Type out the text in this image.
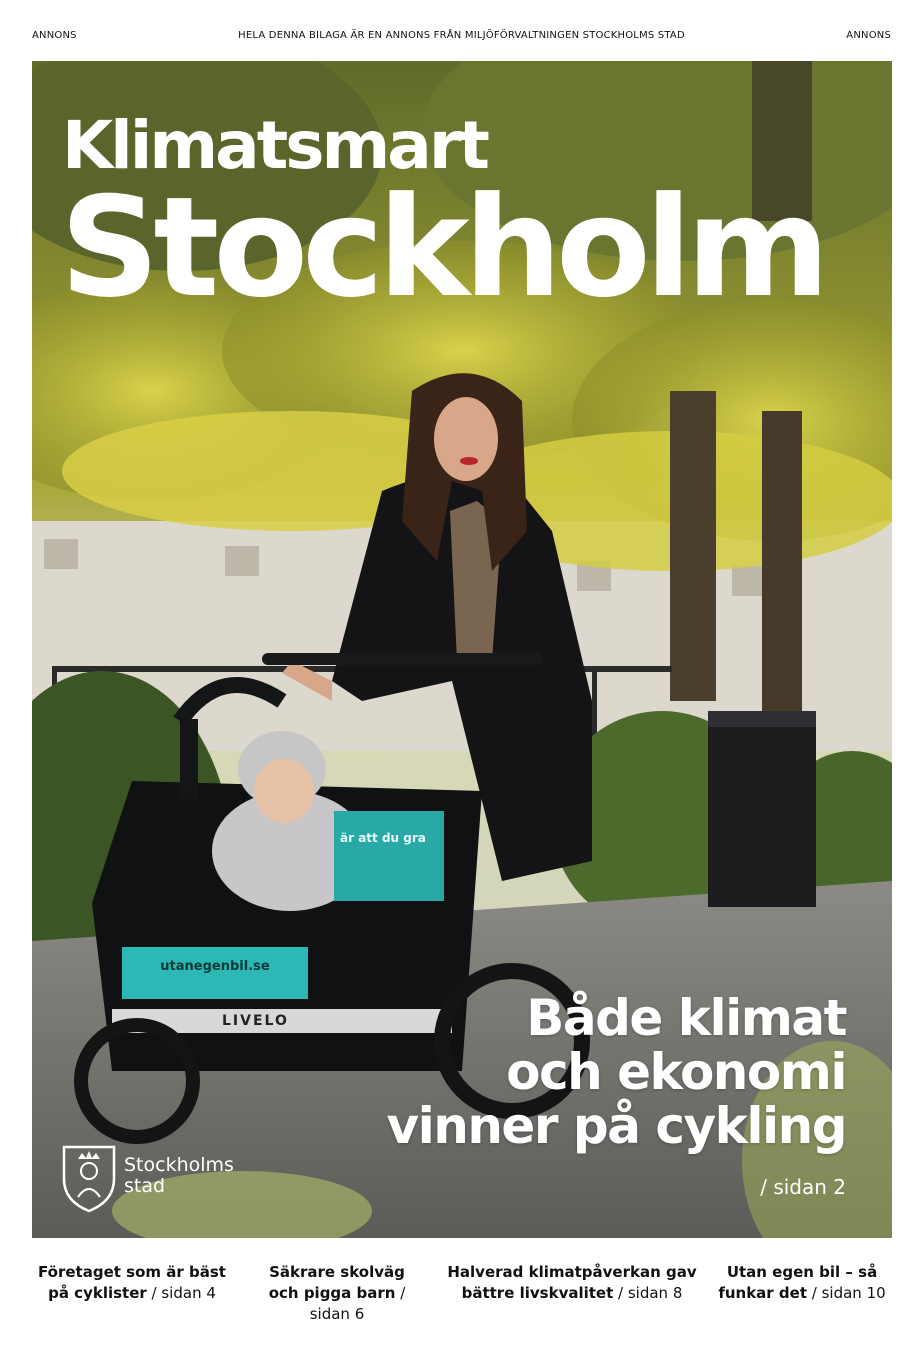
ANNONS	HELA DENNA BILAGA ÄR EN ANNONS FRÅN MILJÖFÖRVALTNINGEN STOCKHOLMS STAD	ANNONS
Klimatsmart
Stockholm
utanegenbil.se
LIVELO
är att du gra
Både klimat
och ekonomi
vinner på cykling
/ sidan 2
Stockholms
stad
Företaget som är bäst på cyklister / sidan 4
Säkrare skolväg och pigga barn / sidan 6
Halverad klimatpåverkan gav bättre livskvalitet / sidan 8
Utan egen bil – så funkar det / sidan 10
